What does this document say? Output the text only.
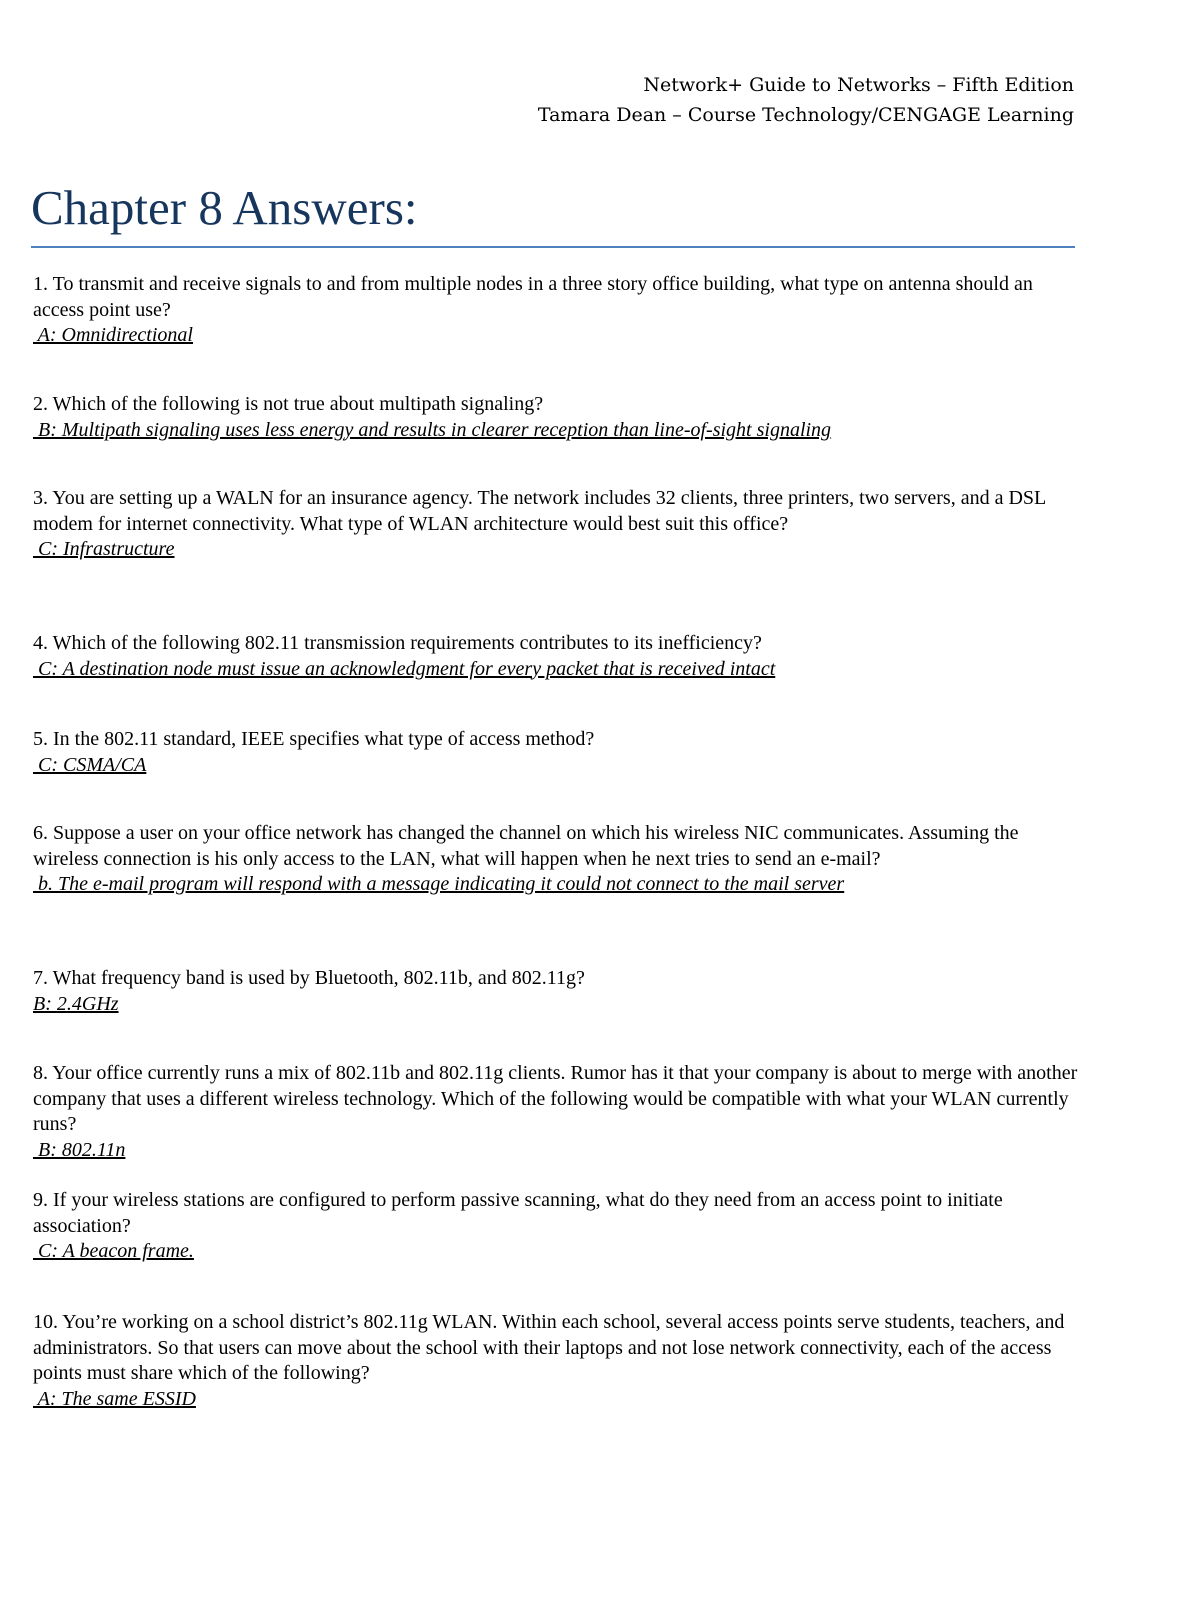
Network+ Guide to Networks – Fifth Edition
Tamara Dean – Course Technology/CENGAGE Learning
Chapter 8 Answers:

1. To transmit and receive signals to and from multiple nodes in a three story office building, what type on antenna should an access point use?

A: Omnidirectional

2. Which of the following is not true about multipath signaling?

B: Multipath signaling uses less energy and results in clearer reception than line-of-sight signaling

3. You are setting up a WALN for an insurance agency. The network includes 32 clients, three printers, two servers, and a DSL modem for internet connectivity. What type of WLAN architecture would best suit this office?

C: Infrastructure

4. Which of the following 802.11 transmission requirements contributes to its inefficiency?

C: A destination node must issue an acknowledgment for every packet that is received intact

5. In the 802.11 standard, IEEE specifies what type of access method?

C: CSMA/CA

6. Suppose a user on your office network has changed the channel on which his wireless NIC communicates. Assuming the wireless connection is his only access to the LAN, what will happen when he next tries to send an e-mail?

b. The e-mail program will respond with a message indicating it could not connect to the mail server

7. What frequency band is used by Bluetooth, 802.11b, and 802.11g?

B: 2.4GHz

8. Your office currently runs a mix of 802.11b and 802.11g clients. Rumor has it that your company is about to merge with another company that uses a different wireless technology. Which of the following would be compatible with what your WLAN currently runs?

B: 802.11n

9. If your wireless stations are configured to perform passive scanning, what do they need from an access point to initiate association?

C: A beacon frame.

10. You’re working on a school district’s 802.11g WLAN. Within each school, several access points serve students, teachers, and administrators. So that users can move about the school with their laptops and not lose network connectivity, each of the access points must share which of the following?

A: The same ESSID
